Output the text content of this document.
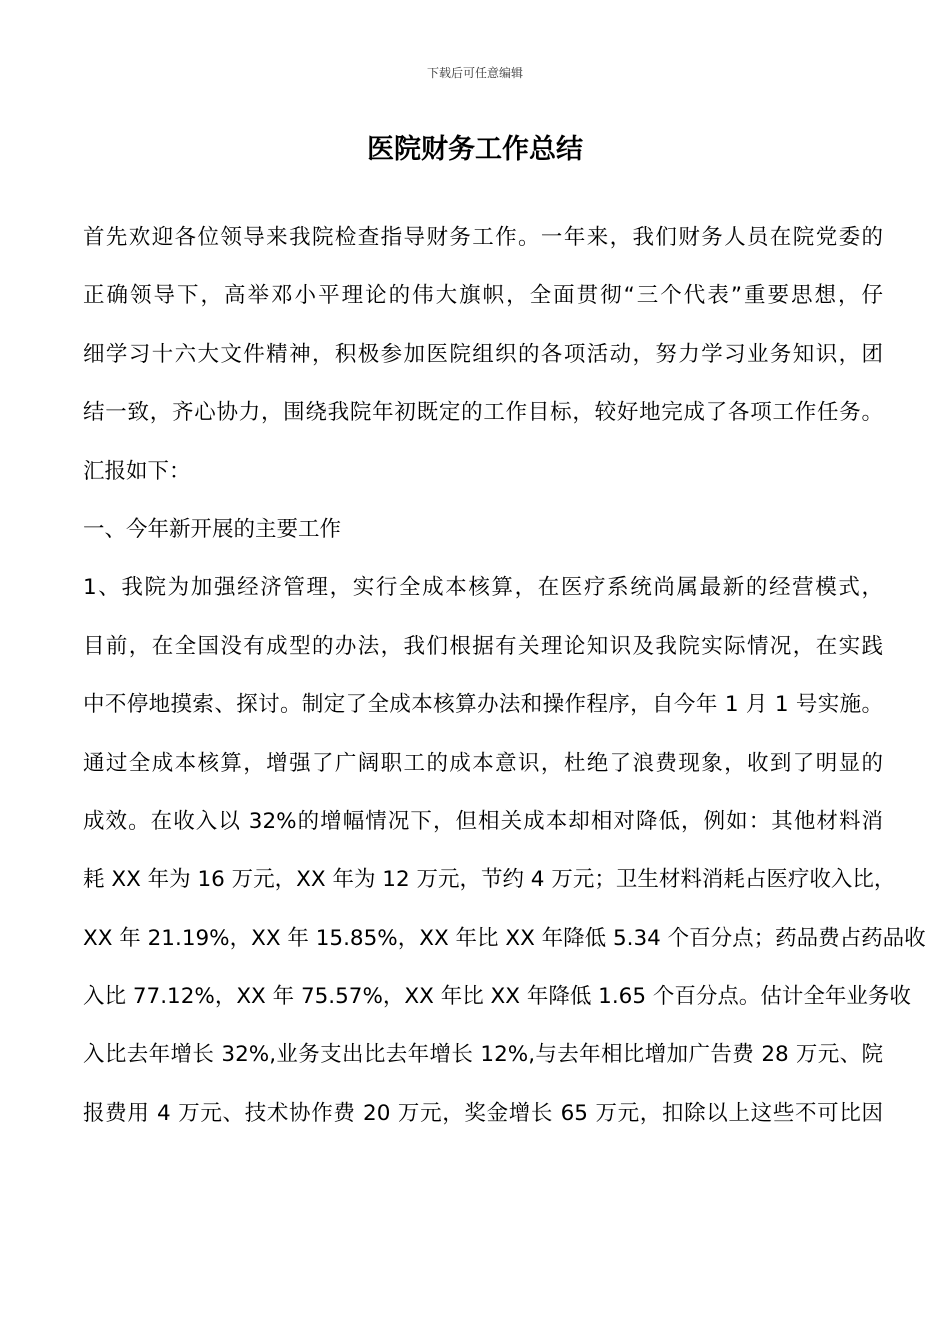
下载后可任意编辑
医院财务工作总结
首先欢迎各位领导来我院检查指导财务工作。一年来，我们财务人员在院党委的
正确领导下，高举邓小平理论的伟大旗帜，全面贯彻“三个代表”重要思想，仔
细学习十六大文件精神，积极参加医院组织的各项活动，努力学习业务知识，团
结一致，齐心协力，围绕我院年初既定的工作目标，较好地完成了各项工作任务。
汇报如下：
一、今年新开展的主要工作
1、我院为加强经济管理，实行全成本核算，在医疗系统尚属最新的经营模式，
目前，在全国没有成型的办法，我们根据有关理论知识及我院实际情况，在实践
中不停地摸索、探讨。制定了全成本核算办法和操作程序，自今年 1 月 1 号实施。
通过全成本核算，增强了广阔职工的成本意识，杜绝了浪费现象，收到了明显的
成效。在收入以 32%的增幅情况下，但相关成本却相对降低，例如：其他材料消
耗 XX 年为 16 万元，XX 年为 12 万元，节约 4 万元；卫生材料消耗占医疗收入比，
XX 年 21.19%，XX 年 15.85%，XX 年比 XX 年降低 5.34 个百分点；药品费占药品收
入比 77.12%，XX 年 75.57%，XX 年比 XX 年降低 1.65 个百分点。估计全年业务收
入比去年增长 32%,业务支出比去年增长 12%,与去年相比增加广告费 28 万元、院
报费用 4 万元、技术协作费 20 万元，奖金增长 65 万元，扣除以上这些不可比因
